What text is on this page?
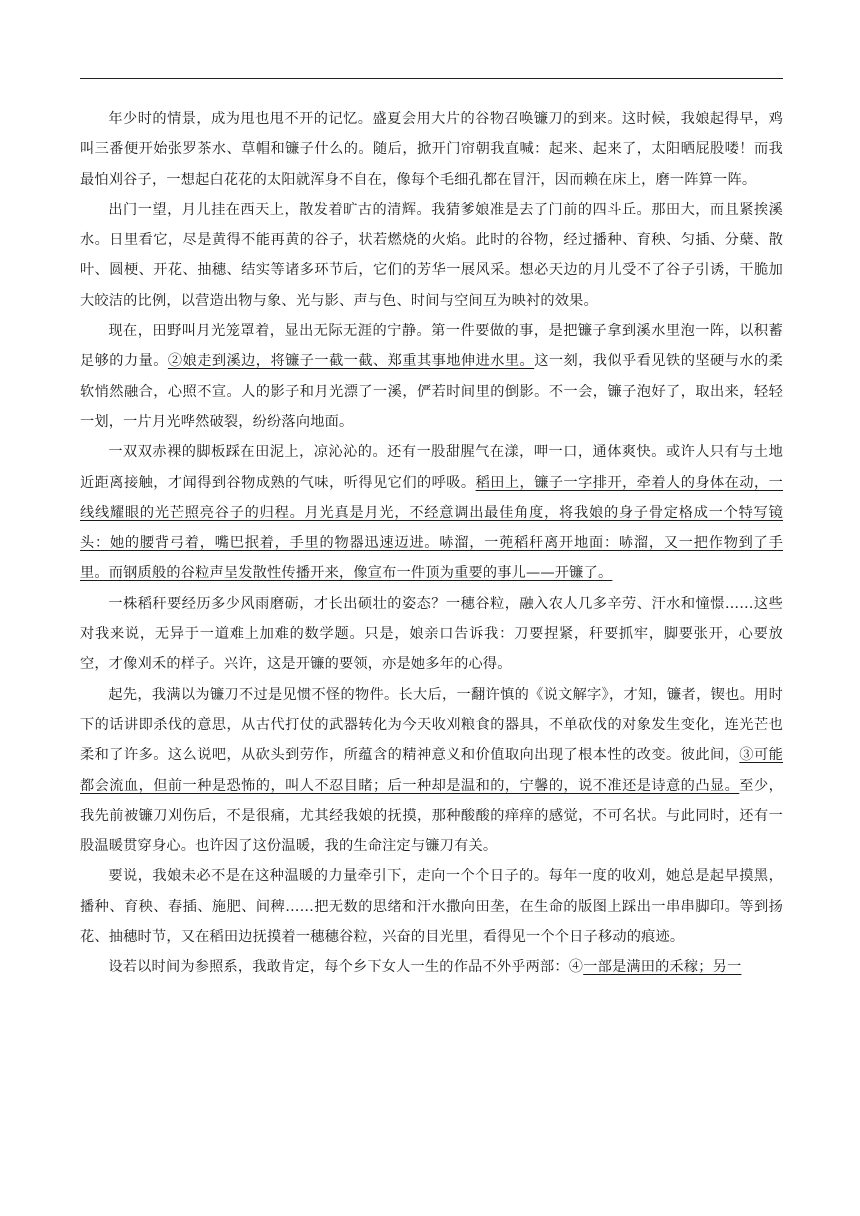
年少时的情景，成为甩也甩不开的记忆。盛夏会用大片的谷物召唤镰刀的到来。这时候，我娘起得早，鸡叫三番便开始张罗茶水、草帽和镰子什么的。随后，掀开门帘朝我直喊：起来、起来了，太阳晒屁股喽！而我最怕刈谷子，一想起白花花的太阳就浑身不自在，像每个毛细孔都在冒汗，因而赖在床上，磨一阵算一阵。

出门一望，月儿挂在西天上，散发着旷古的清辉。我猜爹娘准是去了门前的四斗丘。那田大，而且紧挨溪水。日里看它，尽是黄得不能再黄的谷子，状若燃烧的火焰。此时的谷物，经过播种、育秧、匀插、分蘖、散叶、圆梗、开花、抽穗、结实等诸多环节后，它们的芳华一展风采。想必天边的月儿受不了谷子引诱，干脆加大皎洁的比例，以营造出物与象、光与影、声与色、时间与空间互为映衬的效果。

现在，田野叫月光笼罩着，显出无际无涯的宁静。第一件要做的事，是把镰子拿到溪水里泡一阵，以积蓄足够的力量。②娘走到溪边，将镰子一截一截、郑重其事地伸进水里。这一刻，我似乎看见铁的坚硬与水的柔软悄然融合，心照不宣。人的影子和月光漂了一溪，俨若时间里的倒影。不一会，镰子泡好了，取出来，轻轻一划，一片月光哗然破裂，纷纷落向地面。

一双双赤裸的脚板踩在田泥上，凉沁沁的。还有一股甜腥气在漾，呷一口，通体爽快。或许人只有与土地近距离接触，才闻得到谷物成熟的气味，听得见它们的呼吸。稻田上，镰子一字排开，牵着人的身体在动，一线线耀眼的光芒照亮谷子的归程。月光真是月光，不经意调出最佳角度，将我娘的身子骨定格成一个特写镜头：她的腰背弓着，嘴巴抿着，手里的物器迅速迈进。哧溜，一蔸稻秆离开地面：哧溜，又一把作物到了手里。而钢质般的谷粒声呈发散性传播开来，像宣布一件顶为重要的事儿——开镰了。

一株稻秆要经历多少风雨磨砺，才长出硕壮的姿态？一穗谷粒，融入农人几多辛劳、汗水和憧憬……这些对我来说，无异于一道难上加难的数学题。只是，娘亲口告诉我：刀要捏紧，秆要抓牢，脚要张开，心要放空，才像刈禾的样子。兴许，这是开镰的要领，亦是她多年的心得。

起先，我满以为镰刀不过是见惯不怪的物件。长大后，一翻许慎的《说文解字》，才知，镰者，锲也。用时下的话讲即杀伐的意思，从古代打仗的武器转化为今天收刈粮食的器具，不单砍伐的对象发生变化，连光芒也柔和了许多。这么说吧，从砍头到劳作，所蕴含的精神意义和价值取向出现了根本性的改变。彼此间，③可能都会流血，但前一种是恐怖的，叫人不忍目睹；后一种却是温和的，宁馨的，说不准还是诗意的凸显。至少，我先前被镰刀刈伤后，不是很痛，尤其经我娘的抚摸，那种酸酸的痒痒的感觉，不可名状。与此同时，还有一股温暖贯穿身心。也许因了这份温暖，我的生命注定与镰刀有关。

要说，我娘未必不是在这种温暖的力量牵引下，走向一个个日子的。每年一度的收刈，她总是起早摸黑，播种、育秧、春插、施肥、间稗……把无数的思绪和汗水撒向田垄，在生命的版图上踩出一串串脚印。等到扬花、抽穗时节，又在稻田边抚摸着一穗穗谷粒，兴奋的目光里，看得见一个个日子移动的痕迹。

设若以时间为参照系，我敢肯定，每个乡下女人一生的作品不外乎两部：④一部是满田的禾稼；另一
